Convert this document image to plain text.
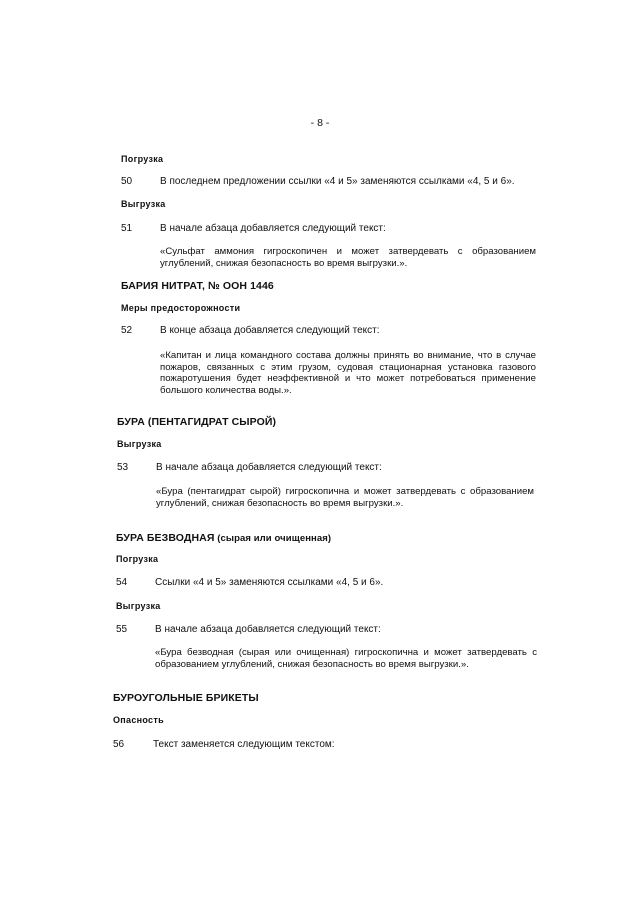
- 8 -
Погрузка
50	В последнем предложении ссылки «4 и 5» заменяются ссылками «4, 5 и 6».
Выгрузка
51	В начале абзаца добавляется следующий текст:
«Сульфат аммония гигроскопичен и может затвердевать с образованием
углублений, снижая безопасность во время выгрузки.».
БАРИЯ НИТРАТ, № ООН 1446
Меры предосторожности
52	В конце абзаца добавляется следующий текст:
«Капитан и лица командного состава должны принять во внимание, что в случае
пожаров, связанных с этим грузом, судовая стационарная установка газового
пожаротушения будет неэффективной и что может потребоваться применение
большого количества воды.».
БУРА (ПЕНТАГИДРАТ СЫРОЙ)
Выгрузка
53	В начале абзаца добавляется следующий текст:
«Бура (пентагидрат сырой) гигроскопична и может затвердевать с образованием
углублений, снижая безопасность во время выгрузки.».
БУРА БЕЗВОДНАЯ (сырая или очищенная)
Погрузка
54	Ссылки «4 и 5» заменяются ссылками «4, 5 и 6».
Выгрузка
55	В начале абзаца добавляется следующий текст:
«Бура безводная (сырая или очищенная) гигроскопична и может затвердевать с
образованием углублений, снижая безопасность во время выгрузки.».
БУРОУГОЛЬНЫЕ БРИКЕТЫ
Опасность
56	Текст заменяется следующим текстом:
